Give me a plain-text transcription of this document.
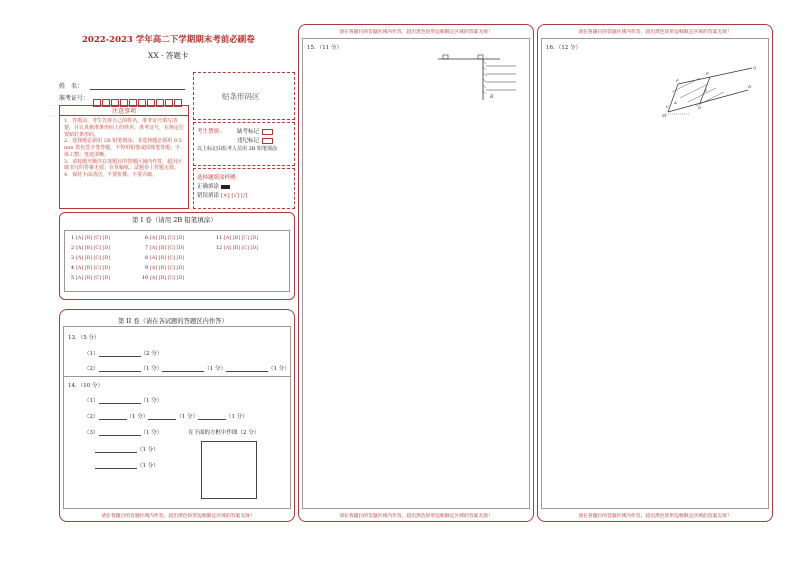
2022-2023 学年高二下学期期末考前必刷卷
XX · 答题卡
姓　名：
准考证号：
注意事项
1．答题前，考生先将自己的姓名，准考证号填写清楚，并认真核准条形码上的姓名、准考证号，在规定位置贴好条形码。
2．选择题必须用 2B 铅笔填涂；非选择题必须用 0.5 mm 黑色签字笔答题，不得用铅笔或圆珠笔答题；字体工整、笔迹清晰。
3．请按题号顺序在各题目的答题区域内作答，超出区域书写的答案无效；在草稿纸、试题卷上答题无效。
4．保持卡面清洁，不要折叠、不要弄破。
贴条形码区
考生禁填： 缺考标记
违纪标记
以上标记由监考人员用 2B 铅笔填涂
选择题填涂样例：
正确填涂
错误填涂 [×] [√] [/]
第 I 卷（请用 2B 铅笔填涂）
1 [A] [B] [C] [D]
2 [A] [B] [C] [D]
3 [A] [B] [C] [D]
4 [A] [B] [C] [D]
5 [A] [B] [C] [D]
6 [A] [B] [C] [D]
7 [A] [B] [C] [D]
8 [A] [B] [C] [D]
9 [A] [B] [C] [D]
10 [A] [B] [C] [D]
11 [A] [B] [C] [D]
12 [A] [B] [C] [D]
第 II 卷（请在各试题的答题区内作答）
13．（5 分）
（1）	（2 分）
（2）	（1 分）	（1 分）	（1 分）
14．（10 分）
（1）	（1 分）
（2）	（1 分）	（1 分）	（1 分）
（3）	（1 分）
（1 分）
（1 分）
在下面的方框中作图（2 分）
请在各题目的答题区域内作答，超出黑色矩形边框限定区域的答案无效！
请在各题目的答题区域内作答，超出黑色矩形边框限定区域的答案无效！
15．（11 分）
E
请在各题目的答题区域内作答，超出黑色矩形边框限定区域的答案无效！
请在各题目的答题区域内作答，超出黑色矩形边框限定区域的答案无效！
16．（12 分）
P
F
E
N
C
A
M
Q
D
请在各题目的答题区域内作答，超出黑色矩形边框限定区域的答案无效！
